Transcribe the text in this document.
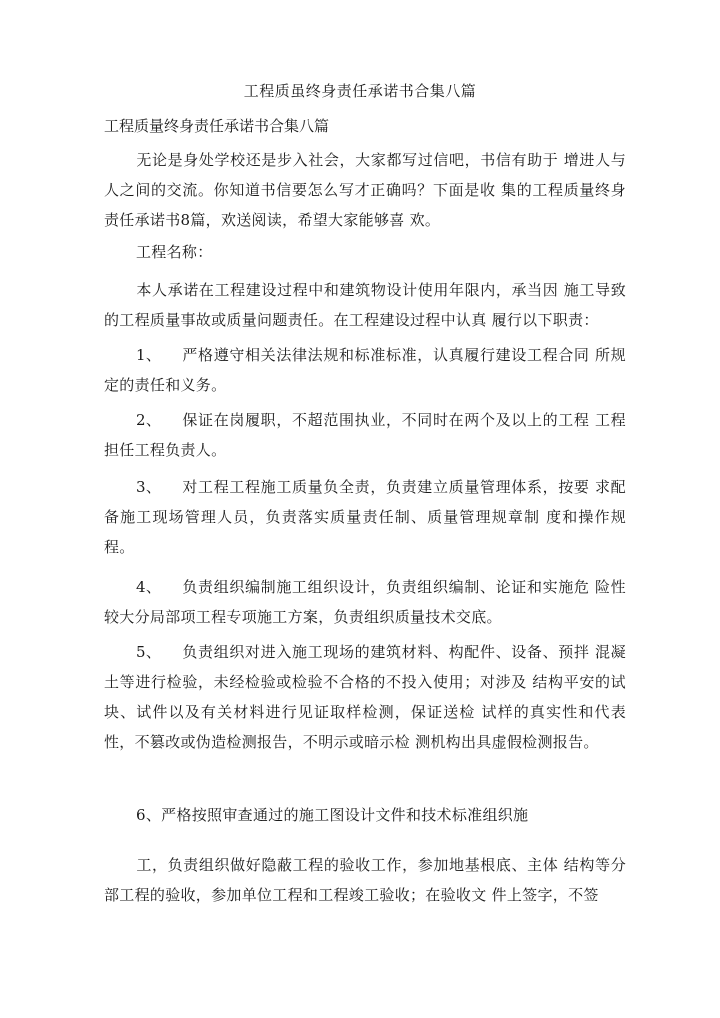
工程质虽终身责任承诺书合集八篇
工程质量终身责任承诺书合集八篇

无论是身处学校还是步入社会，大家都写过信吧，书信有助于 增进人与人之间的交流。你知道书信要怎么写才正确吗？下面是收 集的工程质量终身责任承诺书8篇，欢送阅读，希望大家能够喜 欢。

工程名称：

本人承诺在工程建设过程中和建筑物设计使用年限内，承当因 施工导致的工程质量事故或质量问题责任。在工程建设过程中认真 履行以下职责：

1、 严格遵守相关法律法规和标准标准，认真履行建设工程合同 所规定的责任和义务。

2、 保证在岗履职，不超范围执业，不同时在两个及以上的工程 工程担任工程负责人。

3、 对工程工程施工质量负全责，负责建立质量管理体系，按要 求配备施工现场管理人员，负责落实质量责任制、质量管理规章制 度和操作规程。

4、 负责组织编制施工组织设计，负责组织编制、论证和实施危 险性较大分局部项工程专项施工方案，负责组织质量技术交底。

5、 负责组织对进入施工现场的建筑材料、构配件、设备、预拌 混凝土等进行检验，未经检验或检验不合格的不投入使用；对涉及 结构平安的试块、试件以及有关材料进行见证取样检测，保证送检 试样的真实性和代表性，不篡改或伪造检测报告，不明示或暗示检 测机构出具虚假检测报告。

6、严格按照审查通过的施工图设计文件和技术标准组织施

工，负责组织做好隐蔽工程的验收工作，参加地基根底、主体 结构等分部工程的验收，参加单位工程和工程竣工验收；在验收文 件上签字，不签
